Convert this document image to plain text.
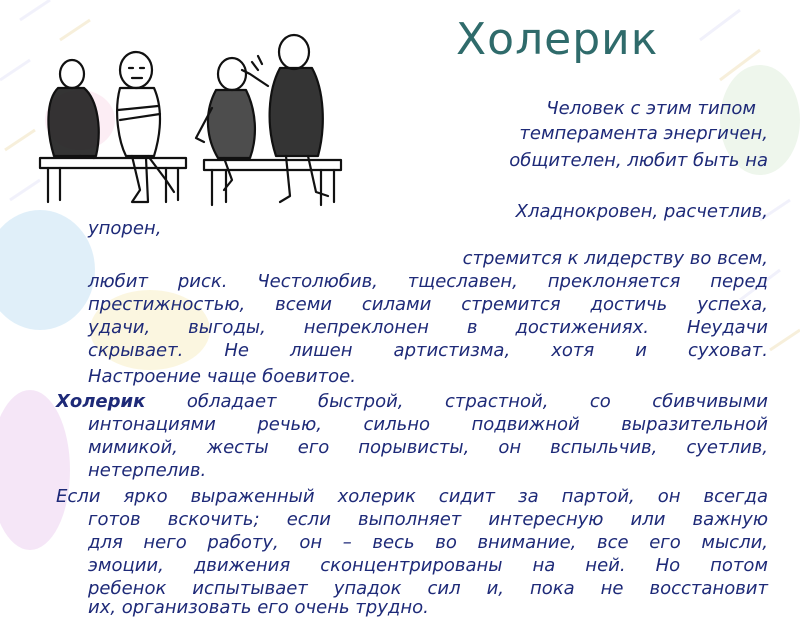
Холерик
Человек с этим типом
темперамента энергичен,
общителен, любит быть на
Хладнокровен, расчетлив,
упорен,
стремится к лидерству во всем,
любит риск. Честолюбив, тщеславен, преклоняется перед
престижностью, всеми силами стремится достичь успеха,
удачи, выгоды, непреклонен в достижениях. Неудачи
скрывает. Не лишен артистизма, хотя и суховат.
Настроение чаще боевитое.
Холерик обладает быстрой, страстной, со сбивчивыми
интонациями речью, сильно подвижной выразительной
мимикой, жесты его порывисты, он вспыльчив, суетлив,
нетерпелив.
Если ярко выраженный холерик сидит за партой, он всегда
готов вскочить; если выполняет интересную или важную
для него работу, он – весь во внимание, все его мысли,
эмоции, движения сконцентрированы на ней. Но потом
ребенок испытывает упадок сил и, пока не восстановит
их, организовать его очень трудно.
